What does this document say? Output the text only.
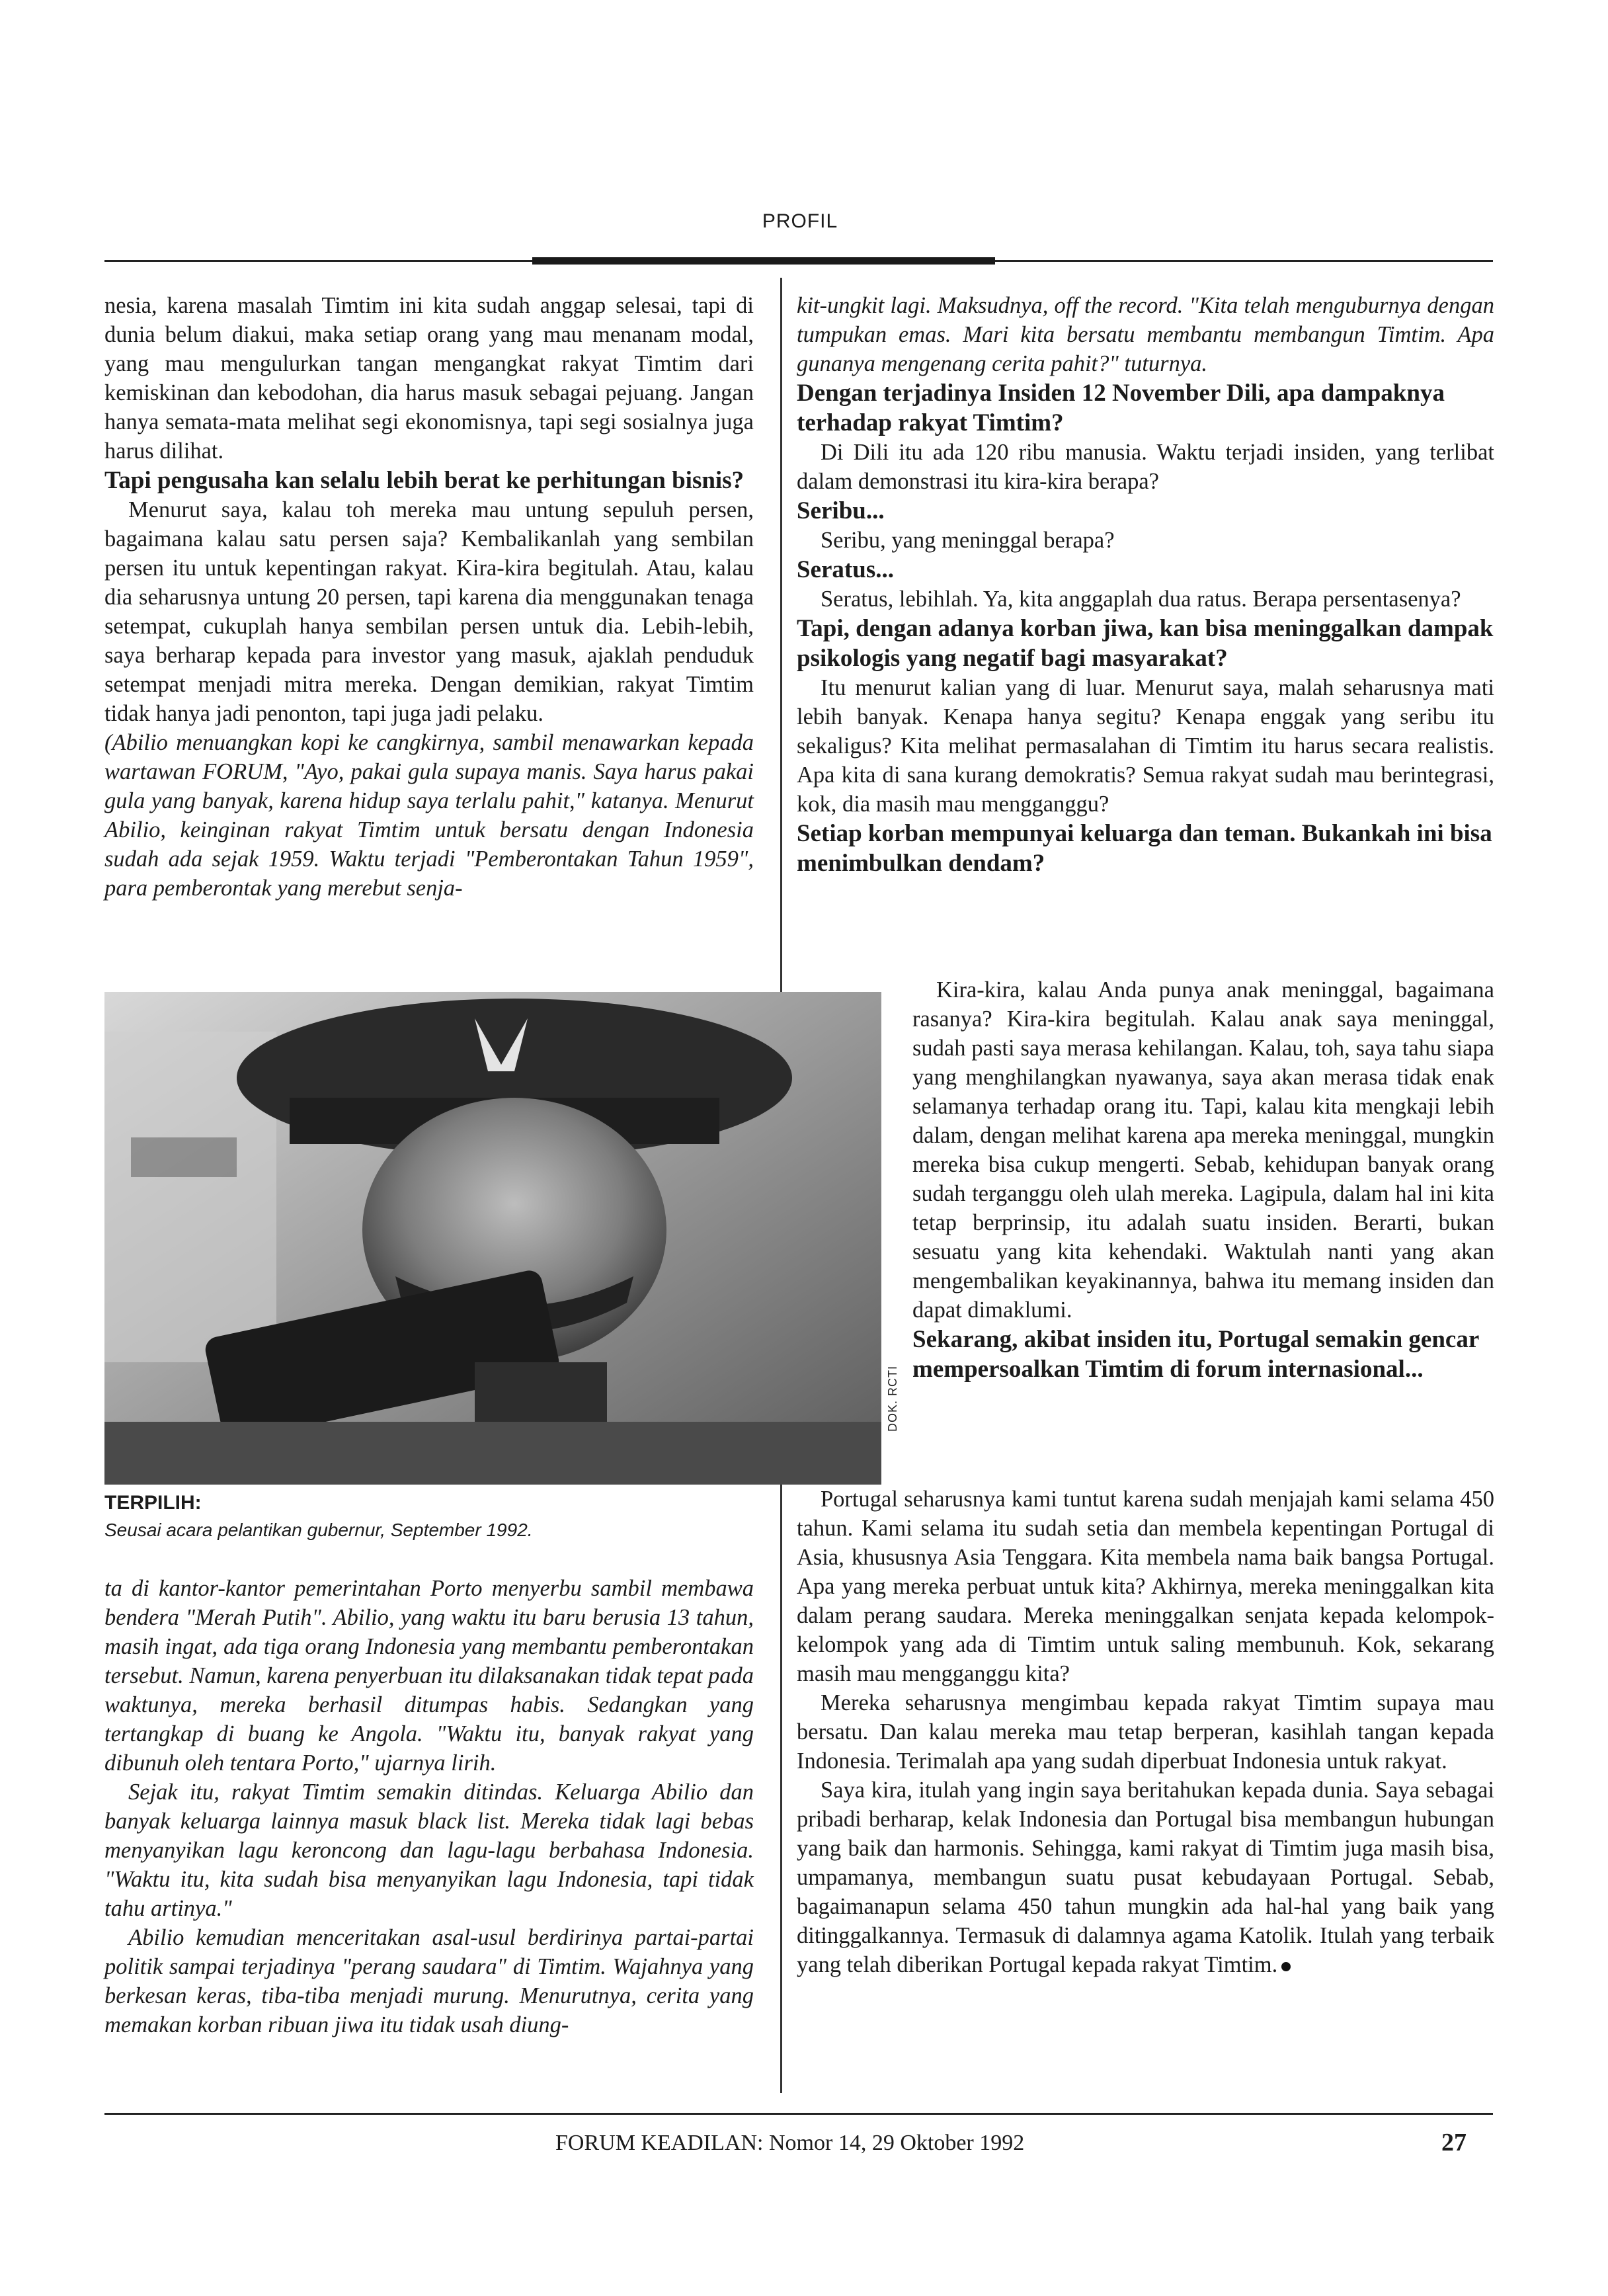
PROFIL

nesia, karena masalah Timtim ini kita sudah anggap selesai, tapi di dunia belum diakui, maka setiap orang yang mau menanam modal, yang mau mengulurkan tangan mengangkat rakyat Timtim dari kemiskinan dan kebodohan, dia harus masuk sebagai pejuang. Jangan hanya semata-mata melihat segi ekonomisnya, tapi segi sosialnya juga harus dilihat.

Tapi pengusaha kan selalu lebih berat ke perhitungan bisnis?

Menurut saya, kalau toh mereka mau untung sepuluh persen, bagaimana kalau satu persen saja? Kembalikanlah yang sembilan persen itu untuk kepentingan rakyat. Kira-kira begitulah. Atau, kalau dia seharusnya untung 20 persen, tapi karena dia menggunakan tenaga setempat, cukuplah hanya sembilan persen untuk dia. Lebih-lebih, saya berharap kepada para investor yang masuk, ajaklah penduduk setempat menjadi mitra mereka. Dengan demikian, rakyat Timtim tidak hanya jadi penonton, tapi juga jadi pelaku.

(Abilio menuangkan kopi ke cangkirnya, sambil menawarkan kepada wartawan FORUM, "Ayo, pakai gula supaya manis. Saya harus pakai gula yang banyak, karena hidup saya terlalu pahit," katanya. Menurut Abilio, keinginan rakyat Timtim untuk bersatu dengan Indonesia sudah ada sejak 1959. Waktu terjadi "Pemberontakan Tahun 1959", para pemberontak yang merebut senja-

DOK. RCTI
TERPILIH:
Seusai acara pelantikan gubernur, September 1992.

ta di kantor-kantor pemerintahan Porto menyerbu sambil membawa bendera "Merah Putih". Abilio, yang waktu itu baru berusia 13 tahun, masih ingat, ada tiga orang Indonesia yang membantu pemberontakan tersebut. Namun, karena penyerbuan itu dilaksanakan tidak tepat pada waktunya, mereka berhasil ditumpas habis. Sedangkan yang tertangkap di buang ke Angola. "Waktu itu, banyak rakyat yang dibunuh oleh tentara Porto," ujarnya lirih.

Sejak itu, rakyat Timtim semakin ditindas. Keluarga Abilio dan banyak keluarga lainnya masuk black list. Mereka tidak lagi bebas menyanyikan lagu keroncong dan lagu-lagu berbahasa Indonesia. "Waktu itu, kita sudah bisa menyanyikan lagu Indonesia, tapi tidak tahu artinya."

Abilio kemudian menceritakan asal-usul berdirinya partai-partai politik sampai terjadinya "perang saudara" di Timtim. Wajahnya yang berkesan keras, tiba-tiba menjadi murung. Menurutnya, cerita yang memakan korban ribuan jiwa itu tidak usah diung-

kit-ungkit lagi. Maksudnya, off the record. "Kita telah menguburnya dengan tumpukan emas. Mari kita bersatu membantu membangun Timtim. Apa gunanya mengenang cerita pahit?" tuturnya.

Dengan terjadinya Insiden 12 November Dili, apa dampaknya terhadap rakyat Timtim?

Di Dili itu ada 120 ribu manusia. Waktu terjadi insiden, yang terlibat dalam demonstrasi itu kira-kira berapa?

Seribu...

Seribu, yang meninggal berapa?

Seratus...

Seratus, lebihlah. Ya, kita anggaplah dua ratus. Berapa persentasenya?

Tapi, dengan adanya korban jiwa, kan bisa meninggalkan dampak psikologis yang negatif bagi masyarakat?

Itu menurut kalian yang di luar. Menurut saya, malah seharusnya mati lebih banyak. Kenapa hanya segitu? Kenapa enggak yang seribu itu sekaligus? Kita melihat permasalahan di Timtim itu harus secara realistis. Apa kita di sana kurang demokratis? Semua rakyat sudah mau berintegrasi, kok, dia masih mau mengganggu?

Setiap korban mempunyai keluarga dan teman. Bukankah ini bisa menimbulkan dendam?

Kira-kira, kalau Anda punya anak meninggal, bagaimana rasanya? Kira-kira begitulah. Kalau anak saya meninggal, sudah pasti saya merasa kehilangan. Kalau, toh, saya tahu siapa yang menghilangkan nyawanya, saya akan merasa tidak enak selamanya terhadap orang itu. Tapi, kalau kita mengkaji lebih dalam, dengan melihat karena apa mereka meninggal, mungkin mereka bisa cukup mengerti. Sebab, kehidupan banyak orang sudah terganggu oleh ulah mereka. Lagipula, dalam hal ini kita tetap berprinsip, itu adalah suatu insiden. Berarti, bukan sesuatu yang kita kehendaki. Waktulah nanti yang akan mengembalikan keyakinannya, bahwa itu memang insiden dan dapat dimaklumi.

Sekarang, akibat insiden itu, Portugal semakin gencar mempersoalkan Timtim di forum internasional...

Portugal seharusnya kami tuntut karena sudah menjajah kami selama 450 tahun. Kami selama itu sudah setia dan membela kepentingan Portugal di Asia, khususnya Asia Tenggara. Kita membela nama baik bangsa Portugal. Apa yang mereka perbuat untuk kita? Akhirnya, mereka meninggalkan kita dalam perang saudara. Mereka meninggalkan senjata kepada kelompok-kelompok yang ada di Timtim untuk saling membunuh. Kok, sekarang masih mau mengganggu kita?

Mereka seharusnya mengimbau kepada rakyat Timtim supaya mau bersatu. Dan kalau mereka mau tetap berperan, kasihlah tangan kepada Indonesia. Terimalah apa yang sudah diperbuat Indonesia untuk rakyat.

Saya kira, itulah yang ingin saya beritahukan kepada dunia. Saya sebagai pribadi berharap, kelak Indonesia dan Portugal bisa membangun hubungan yang baik dan harmonis. Sehingga, kami rakyat di Timtim juga masih bisa, umpamanya, membangun suatu pusat kebudayaan Portugal. Sebab, bagaimanapun selama 450 tahun mungkin ada hal-hal yang baik yang ditinggalkannya. Termasuk di dalamnya agama Katolik. Itulah yang terbaik yang telah diberikan Portugal kepada rakyat Timtim.

FORUM KEADILAN: Nomor 14, 29 Oktober 1992	27
